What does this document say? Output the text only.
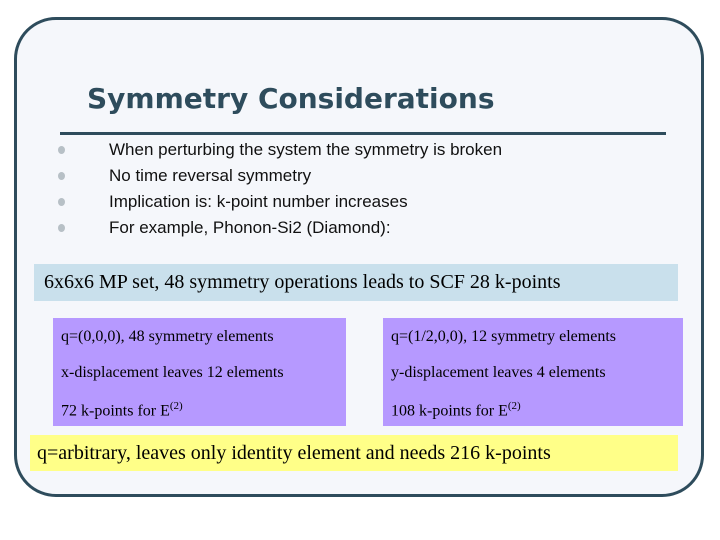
Symmetry Considerations
When perturbing the system the symmetry is broken
No time reversal symmetry
Implication is: k-point number increases
For example, Phonon-Si2 (Diamond):
6x6x6 MP set, 48 symmetry operations leads to SCF 28 k-points
q=(0,0,0), 48 symmetry elements
x-displacement leaves 12 elements
72 k-points for $E^{(2)}$
q=(1/2,0,0), 12 symmetry elements
y-displacement leaves 4 elements
108 k-points for $E^{(2)}$
q=arbitrary, leaves only identity element and needs 216 k-points
